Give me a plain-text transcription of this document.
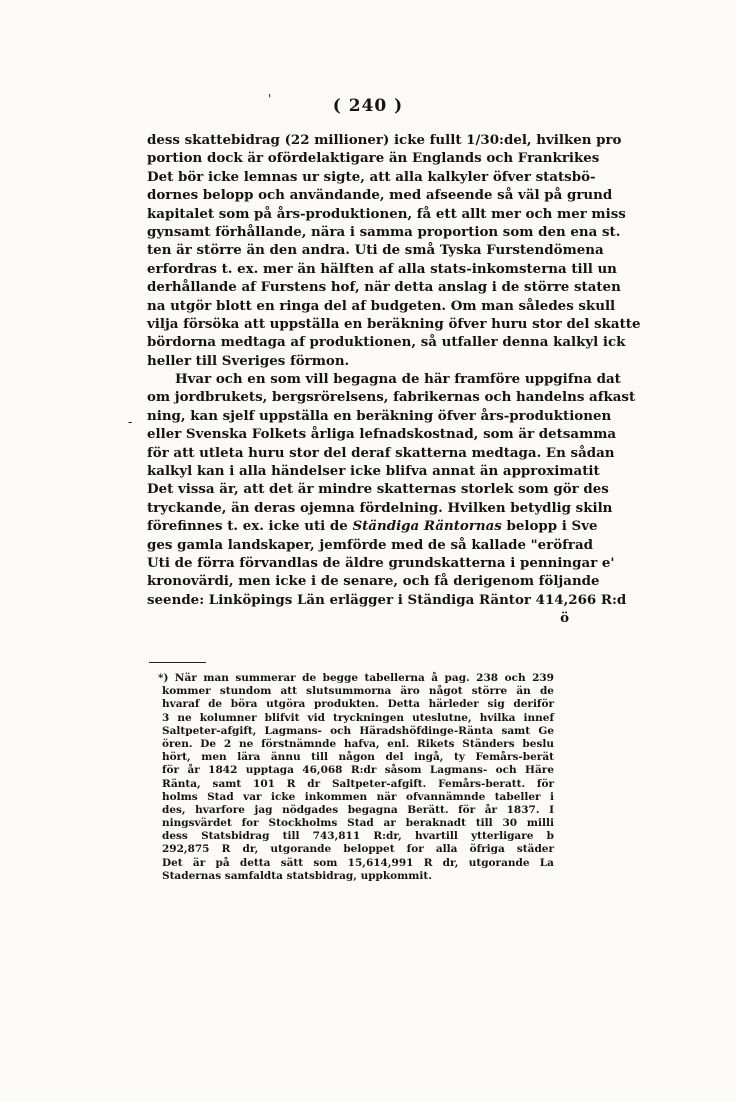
'	( 240 )
-
dess skattebidrag (22 millioner) icke fullt 1/30:del, hvilken pro
portion dock är ofördelaktigare än Englands och Frankrikes
Det bör icke lemnas ur sigte, att alla kalkyler öfver statsbö-
dornes belopp och användande, med afseende så väl på grund
kapitalet som på års-produktionen, få ett allt mer och mer miss
gynsamt förhållande, nära i samma proportion som den ena st.
ten är större än den andra. Uti de små Tyska Furstendömena
erfordras t. ex. mer än hälften af alla stats-inkomsterna till un
derhållande af Furstens hof, när detta anslag i de större staten
na utgör blott en ringa del af budgeten. Om man således skull
vilja försöka att uppställa en beräkning öfver huru stor del skatte
bördorna medtaga af produktionen, så utfaller denna kalkyl ick
heller till Sveriges förmon.
Hvar och en som vill begagna de här framföre uppgifna dat
om jordbrukets, bergsrörelsens, fabrikernas och handelns afkast
ning, kan sjelf uppställa en beräkning öfver års-produktionen
eller Svenska Folkets årliga lefnadskostnad, som är detsamma
för att utleta huru stor del deraf skatterna medtaga. En sådan
kalkyl kan i alla händelser icke blifva annat än approximatit
Det vissa är, att det är mindre skatternas storlek som gör des
tryckande, än deras ojemna fördelning. Hvilken betydlig skiln
förefinnes t. ex. icke uti de Ständiga Räntornas belopp i Sve
ges gamla landskaper, jemförde med de så kallade "eröfrad
Uti de förra förvandlas de äldre grundskatterna i penningar e'
kronovärdi, men icke i de senare, och få derigenom följande
seende: Linköpings Län erlägger i Ständiga Räntor 414,266 R:d
ö
*) När man summerar de begge tabellerna å pag. 238 och 239
kommer stundom att slutsummorna äro något större än de
hvaraf de böra utgöra produkten. Detta härleder sig deriför
3 ne kolumner blifvit vid tryckningen uteslutne, hvilka innef
Saltpeter-afgift, Lagmans- och Häradshöfdinge-Ränta samt Ge
ören. De 2 ne förstnämnde hafva, enl. Rikets Ständers beslu
hört, men lära ännu till någon del ingå, ty Femårs-berät
för år 1842 upptaga 46,068 R:dr såsom Lagmans- och Häre
Ränta, samt 101 R dr Saltpeter-afgift. Femårs-beratt. för
holms Stad var icke inkommen när ofvannämnde tabeller i
des, hvarfore jag nödgades begagna Berätt. för år 1837. I
ningsvärdet for Stockholms Stad ar beraknadt till 30 milli
dess Statsbidrag till 743,811 R:dr, hvartill ytterligare b
292,875 R dr, utgorande beloppet for alla öfriga städer
Det är på detta sätt som 15,614,991 R dr, utgorande La
Stadernas samfaldta statsbidrag, uppkommit.
